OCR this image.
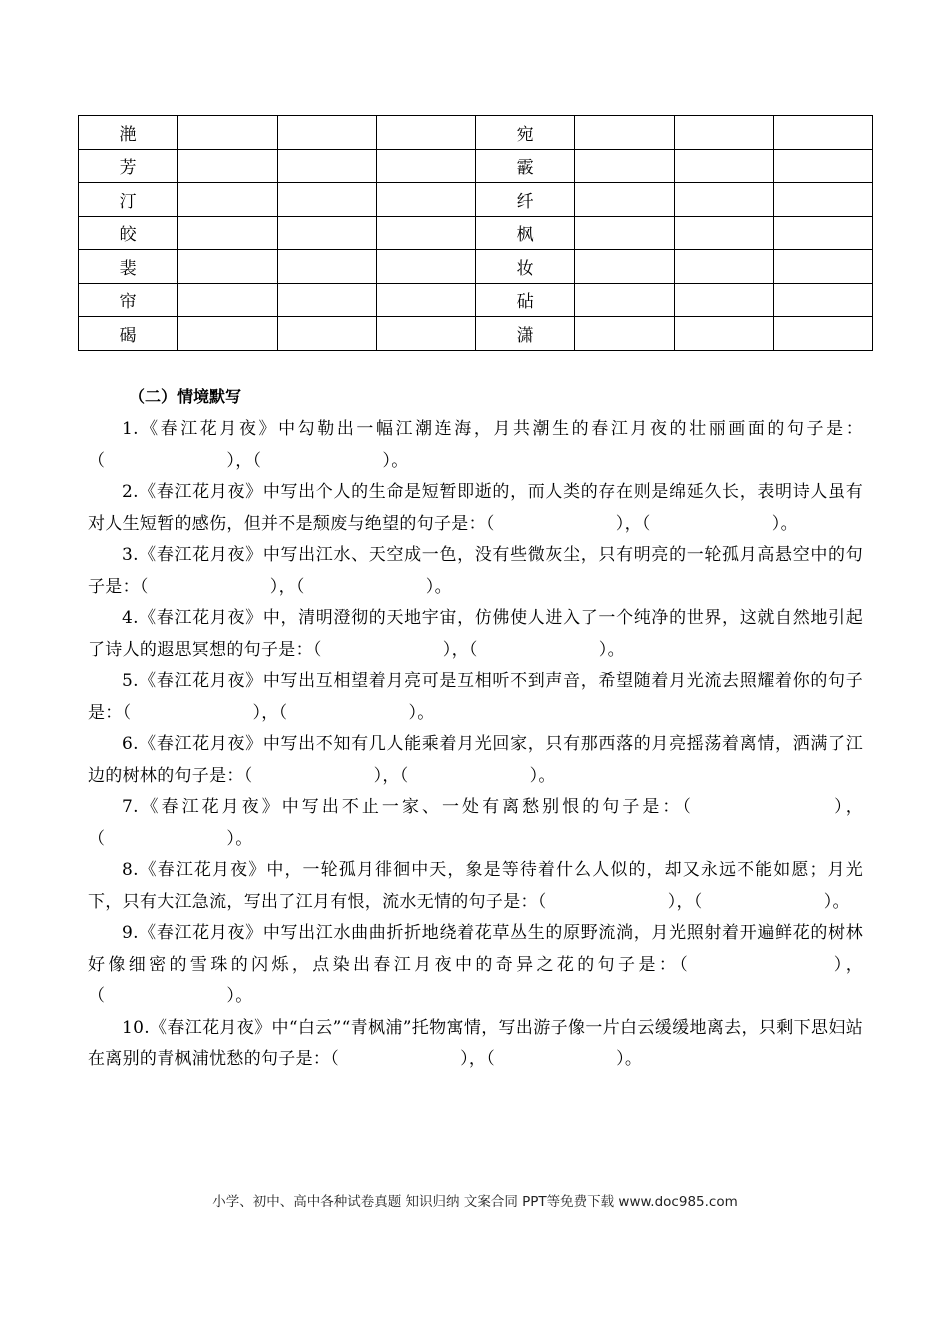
滟				宛			
芳				霰			
汀				纤			
皎				枫			
裴				妆			
帘				砧			
碣				潇			
（二）情境默写

1.《春江花月夜》中勾勒出一幅江潮连海，月共潮生的春江月夜的壮丽画面的句子是：（　　　　　　　），（　　　　　　　）。

2.《春江花月夜》中写出个人的生命是短暂即逝的，而人类的存在则是绵延久长，表明诗人虽有对人生短暂的感伤，但并不是颓废与绝望的句子是：（　　　　　　　），（　　　　　　　）。

3.《春江花月夜》中写出江水、天空成一色，没有些微灰尘，只有明亮的一轮孤月高悬空中的句子是：（　　　　　　　），（　　　　　　　）。

4.《春江花月夜》中，清明澄彻的天地宇宙，仿佛使人进入了一个纯净的世界，这就自然地引起了诗人的遐思冥想的句子是：（　　　　　　　），（　　　　　　　）。

5.《春江花月夜》中写出互相望着月亮可是互相听不到声音，希望随着月光流去照耀着你的句子是：（　　　　　　　），（　　　　　　　）。

6.《春江花月夜》中写出不知有几人能乘着月光回家，只有那西落的月亮摇荡着离情，洒满了江边的树林的句子是：（　　　　　　　），（　　　　　　　）。

7.《春江花月夜》中写出不止一家、一处有离愁别恨的句子是：（　　　　　　　），（　　　　　　　）。

8.《春江花月夜》中，一轮孤月徘徊中天，象是等待着什么人似的，却又永远不能如愿；月光下，只有大江急流，写出了江月有恨，流水无情的句子是：（　　　　　　　），（　　　　　　　）。

9.《春江花月夜》中写出江水曲曲折折地绕着花草丛生的原野流淌，月光照射着开遍鲜花的树林好像细密的雪珠的闪烁，点染出春江月夜中的奇异之花的句子是：（　　　　　　　），（　　　　　　　）。

10.《春江花月夜》中“白云”“青枫浦”托物寓情，写出游子像一片白云缓缓地离去，只剩下思妇站在离别的青枫浦忧愁的句子是：（　　　　　　　），（　　　　　　　）。

小学、初中、高中各种试卷真题 知识归纳 文案合同 PPT等免费下载 www.doc985.com
